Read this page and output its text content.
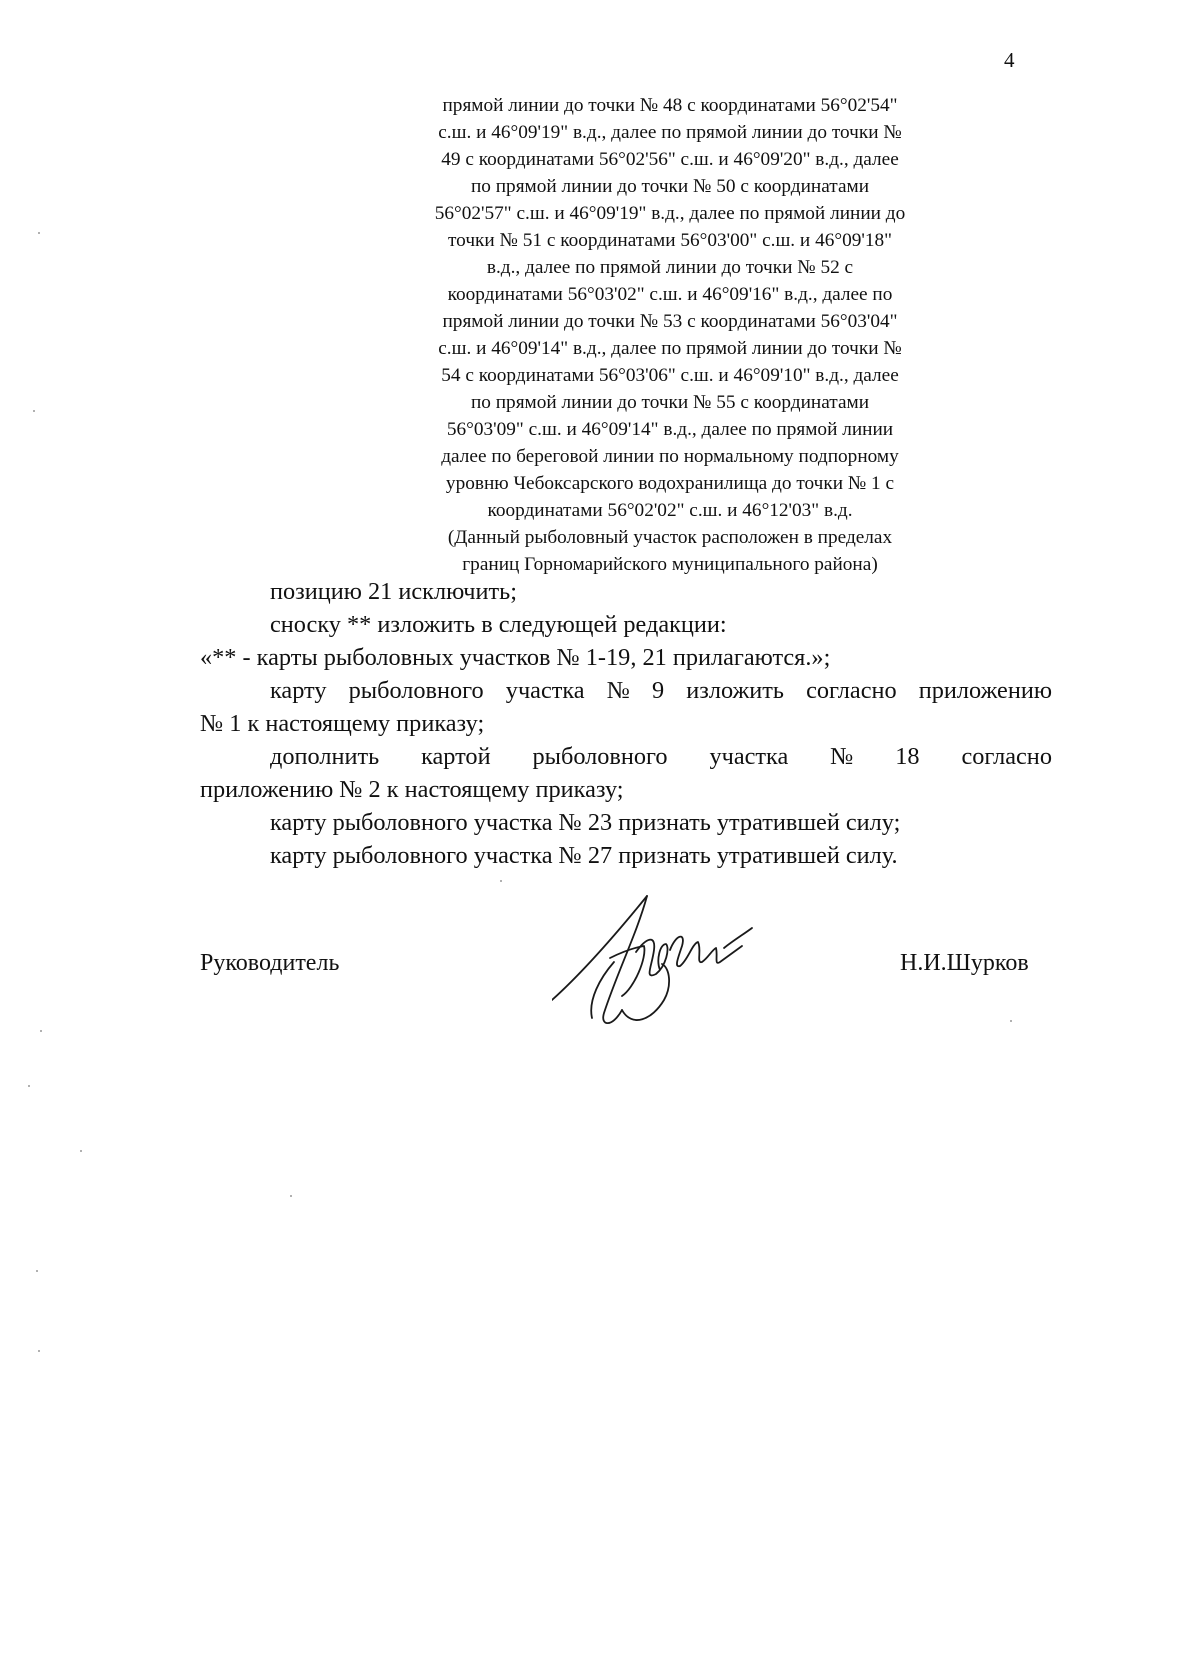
4
прямой линии до точки № 48 с координатами 56°02'54"
с.ш. и 46°09'19" в.д., далее по прямой линии до точки №
49 с координатами 56°02'56" с.ш. и 46°09'20" в.д., далее
по прямой линии до точки № 50 с координатами
56°02'57" с.ш. и 46°09'19" в.д., далее по прямой линии до
точки № 51 с координатами 56°03'00" с.ш. и 46°09'18"
в.д., далее по прямой линии до точки № 52 с
координатами 56°03'02" с.ш. и 46°09'16" в.д., далее по
прямой линии до точки № 53 с координатами 56°03'04"
с.ш. и 46°09'14" в.д., далее по прямой линии до точки №
54 с координатами 56°03'06" с.ш. и 46°09'10" в.д., далее
по прямой линии до точки № 55 с координатами
56°03'09" с.ш. и 46°09'14" в.д., далее по прямой линии
далее по береговой линии по нормальному подпорному
уровню Чебоксарского водохранилища до точки № 1 с
координатами 56°02'02" с.ш. и 46°12'03" в.д.
(Данный рыболовный участок расположен в пределах
границ Горномарийского муниципального района)
позицию 21 исключить;
сноску ** изложить в следующей редакции:
«** - карты рыболовных участков № 1-19, 21 прилагаются.»;
карту рыболовного участка № 9 изложить согласно приложению
№ 1 к настоящему приказу;
дополнить картой рыболовного участка № 18 согласно
приложению № 2 к настоящему приказу;
карту рыболовного участка № 23 признать утратившей силу;
карту рыболовного участка № 27 признать утратившей силу.
Руководитель	Н.И.Шурков
